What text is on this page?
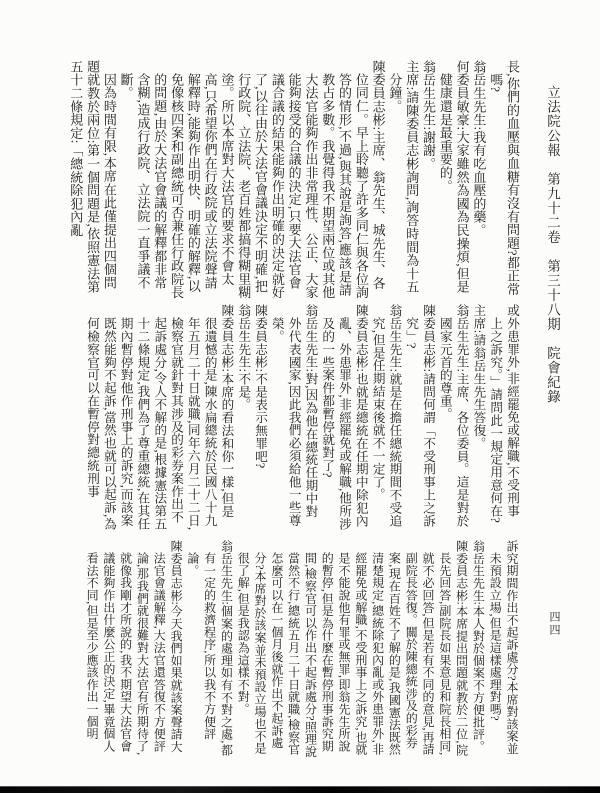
立法院公報　第九十二卷　第三十八期　院會紀錄
四四

長,你們的血壓與血糖有沒有問題?都正常嗎?

翁岳生先生:我有吃血壓的藥。

何委員敏豪:大家雖然為國為民操煩,但是健康還是最重要的。

翁岳生先生:謝謝。

主席:請陳委員志彬詢問,詢答時間為十五分鐘。

陳委員志彬:主席、翁先生、城先生、各位同仁。早上聆聽了許多同仁與各位詢答的情形,不過,與其說是詢答,應該是請教占多數。我覺得我不期望兩位或其他大法官能夠作出非常理性、公正、大家能夠接受的合議的決定,只要大法官會議合議的結果能夠作出明確的決定就好了,以往由於大法官會議決定不明確,把行政院、立法院、老百姓都搞得糊里糊塗。所以本席對大法官的要求不會太高,只希望你們在行政院或立法院聲請解釋時,能夠作出明快、明確的解釋,以免像核四案和副總統可否兼任行政院長的問題,由於大法官會議的解釋都非常含糊,造成行政院、立法院一直爭議不斷。

因為時間有限,本席在此僅提出四個問題就教於兩位:第一個問題是,依照憲法第五十二條規定:「總統除犯內亂

或外患罪外,非經罷免或解職,不受刑事上之訴究。」請問此一規定用意何在?

主席:請翁岳生先生答復。

翁岳生先生:主席、各位委員。這是對於國家元首的尊重。

陳委員志彬:請問何謂「不受刑事上之訴究」?

翁岳生先生:就是在擔任總統期間不受追究,但是任期結束後就不一定了。

陳委員志彬:也就是總統在任期中除犯內亂、外患罪外,非經罷免或解職,他所涉及的一些案件都暫停就對了?

翁岳生先生:對,因為他在總統任期中對外代表國家,因此我們必須給他一些尊榮。

陳委員志彬:不是表示無罪吧?

翁岳生先生:不是。

陳委員志彬:本席的看法和你一樣,但是很遺憾的是,陳水扁總統於民國八十九年五月二十日就職,同年六月二十二日,檢察官就針對其涉及的彩券案作出不起訴處分,令人不解的是,根據憲法第五十二條規定,我們為了尊重總統,在其任期內暫停對他作刑事上的訴究,而該案既然能夠不起訴,當然也就可以起訴,為何檢察官可以在暫停對總統刑事

訴究期間作出不起訴處分?本席對該案並未預設立場,但是這樣處理對嗎?

翁岳生先生:本人對於個案不方便批評。

陳委員志彬:本席提出問題就教於二位,院長先回答,副院長如果意見和院長相同,就不必回答,但是若有不同的意見,再請副院長答復。關於陳總統涉及的彩券案,現在百姓不了解的是,我國憲法既然清楚規定,總統除犯內亂或外患罪外,非經罷免或解職,不受刑事上之訴究,也就是不能說他有罪或無罪,即翁先生所說的暫停,但是為什麼在暫停刑事訴究期間,檢察官可以作出不起訴處分?照理說當然不行,總統五月二十日就職,檢察官怎麼可以在一個月後就作出不起訴處分?本席對於該案並未預設立場也不是很了解,但是我認為這樣不對。

翁岳生先生:個案的處理如有不對之處,都有一定的救濟程序,所以我不方便評論。

陳委員志彬:今天我們如果就該案聲請大法官會議解釋,大法官還答復不方便評論,那我們就很難對大法官有所期待了,就像我剛才所說的,我不期望大法官會議能夠作出什麼公正的決定,畢竟個人看法不同,但是至少應該作出一個明
